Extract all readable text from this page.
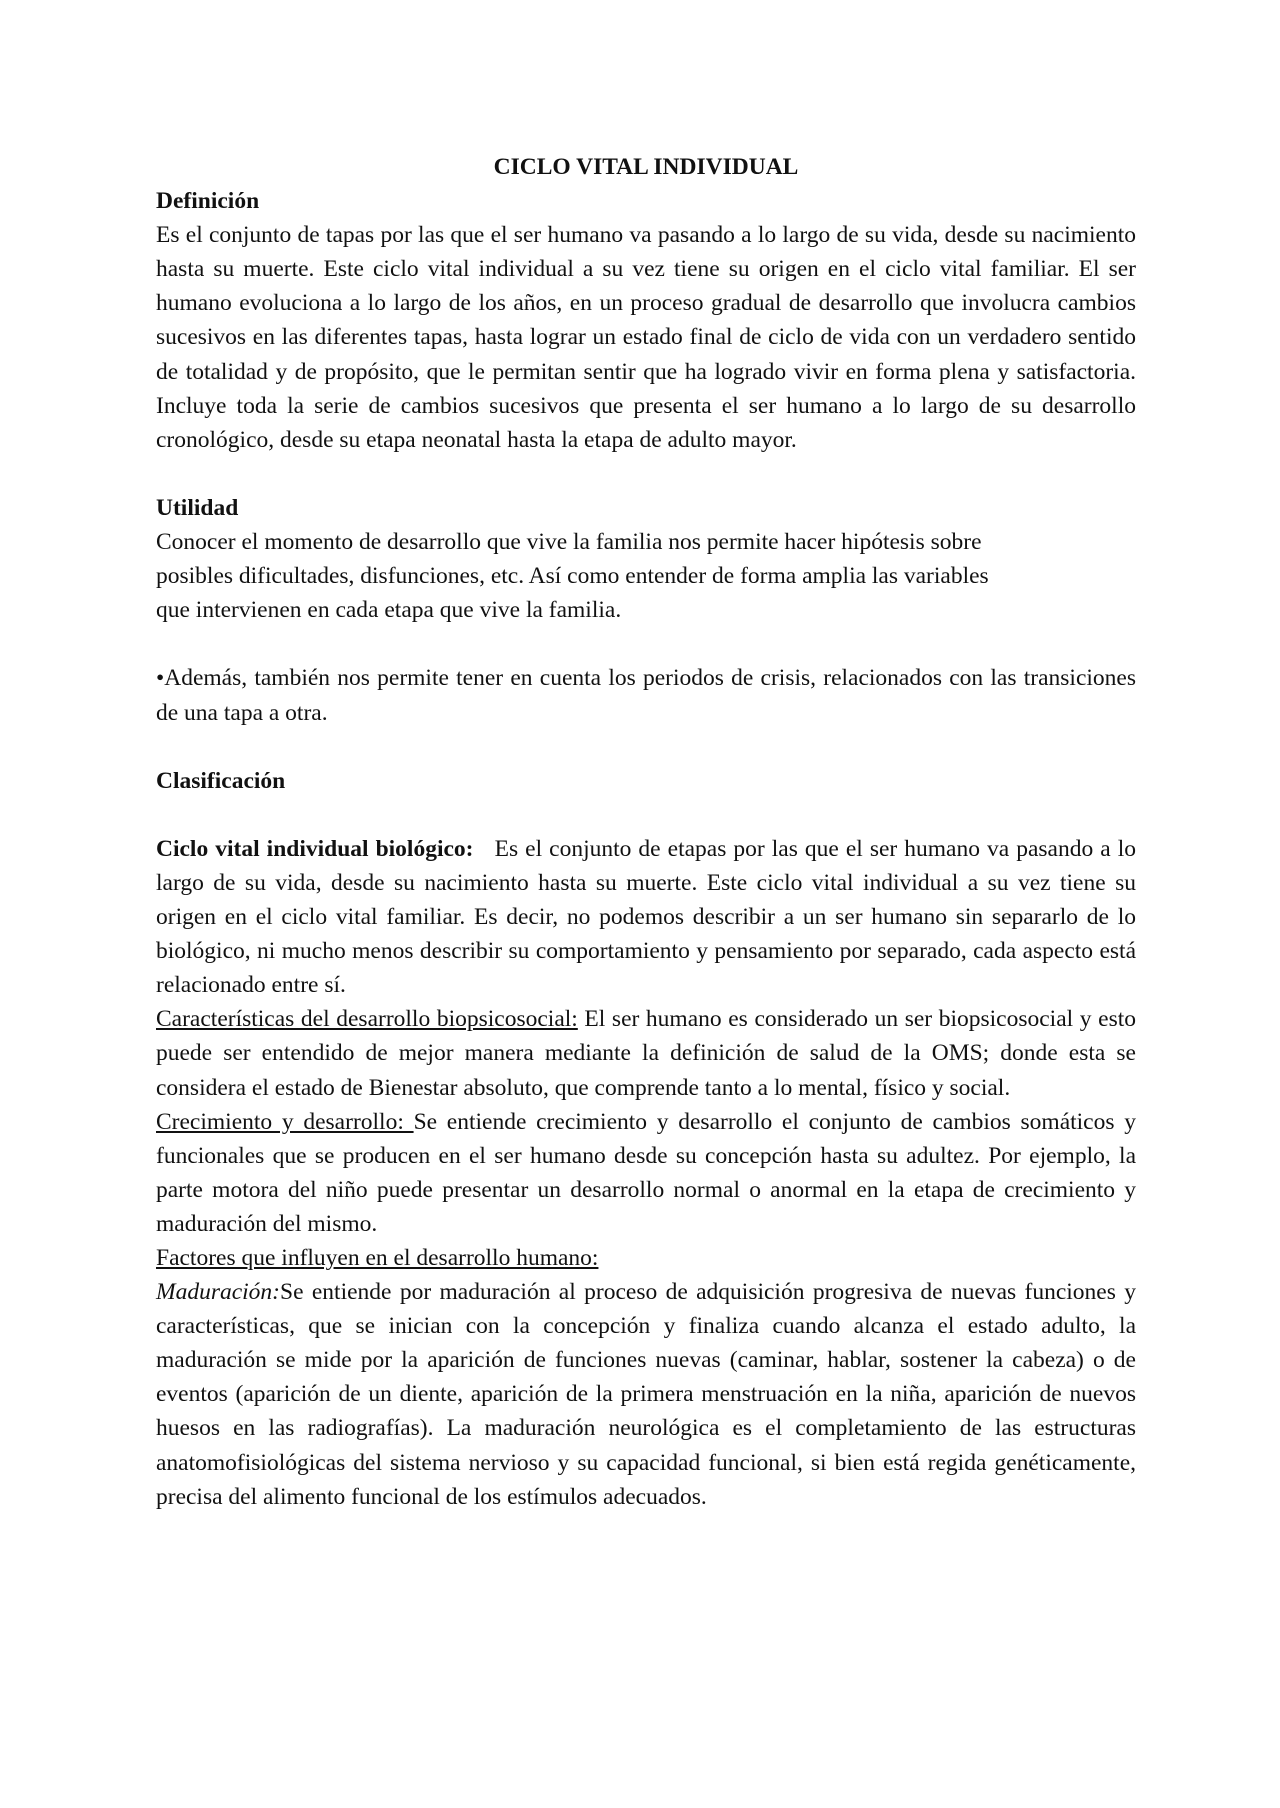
CICLO VITAL INDIVIDUAL

Definición

Es el conjunto de tapas por las que el ser humano va pasando a lo largo de su vida, desde su nacimiento hasta su muerte. Este ciclo vital individual a su vez tiene su origen en el ciclo vital familiar. El ser humano evoluciona a lo largo de los años, en un proceso gradual de desarrollo que involucra cambios sucesivos en las diferentes tapas, hasta lograr un estado final de ciclo de vida con un verdadero sentido de totalidad y de propósito, que le permitan sentir que ha logrado vivir en forma plena y satisfactoria. Incluye toda la serie de cambios sucesivos que presenta el ser humano a lo largo de su desarrollo cronológico, desde su etapa neonatal hasta la etapa de adulto mayor.

Utilidad

Conocer el momento de desarrollo que vive la familia nos permite hacer hipótesis sobre
posibles dificultades, disfunciones, etc. Así como entender de forma amplia las variables
que intervienen en cada etapa que vive la familia.

•Además, también nos permite tener en cuenta los periodos de crisis, relacionados con las transiciones de una tapa a otra.

Clasificación

Ciclo vital individual biológico: Es el conjunto de etapas por las que el ser humano va pasando a lo largo de su vida, desde su nacimiento hasta su muerte. Este ciclo vital individual a su vez tiene su origen en el ciclo vital familiar. Es decir, no podemos describir a un ser humano sin separarlo de lo biológico, ni mucho menos describir su comportamiento y pensamiento por separado, cada aspecto está relacionado entre sí.

Características del desarrollo biopsicosocial: El ser humano es considerado un ser biopsicosocial y esto puede ser entendido de mejor manera mediante la definición de salud de la OMS; donde esta se considera el estado de Bienestar absoluto, que comprende tanto a lo mental, físico y social.

Crecimiento y desarrollo: Se entiende crecimiento y desarrollo el conjunto de cambios somáticos y funcionales que se producen en el ser humano desde su concepción hasta su adultez. Por ejemplo, la parte motora del niño puede presentar un desarrollo normal o anormal en la etapa de crecimiento y maduración del mismo.

Factores que influyen en el desarrollo humano:

Maduración:Se entiende por maduración al proceso de adquisición progresiva de nuevas funciones y características, que se inician con la concepción y finaliza cuando alcanza el estado adulto, la maduración se mide por la aparición de funciones nuevas (caminar, hablar, sostener la cabeza) o de eventos (aparición de un diente, aparición de la primera menstruación en la niña, aparición de nuevos huesos en las radiografías). La maduración neurológica es el completamiento de las estructuras anatomofisiológicas del sistema nervioso y su capacidad funcional, si bien está regida genéticamente, precisa del alimento funcional de los estímulos adecuados.
